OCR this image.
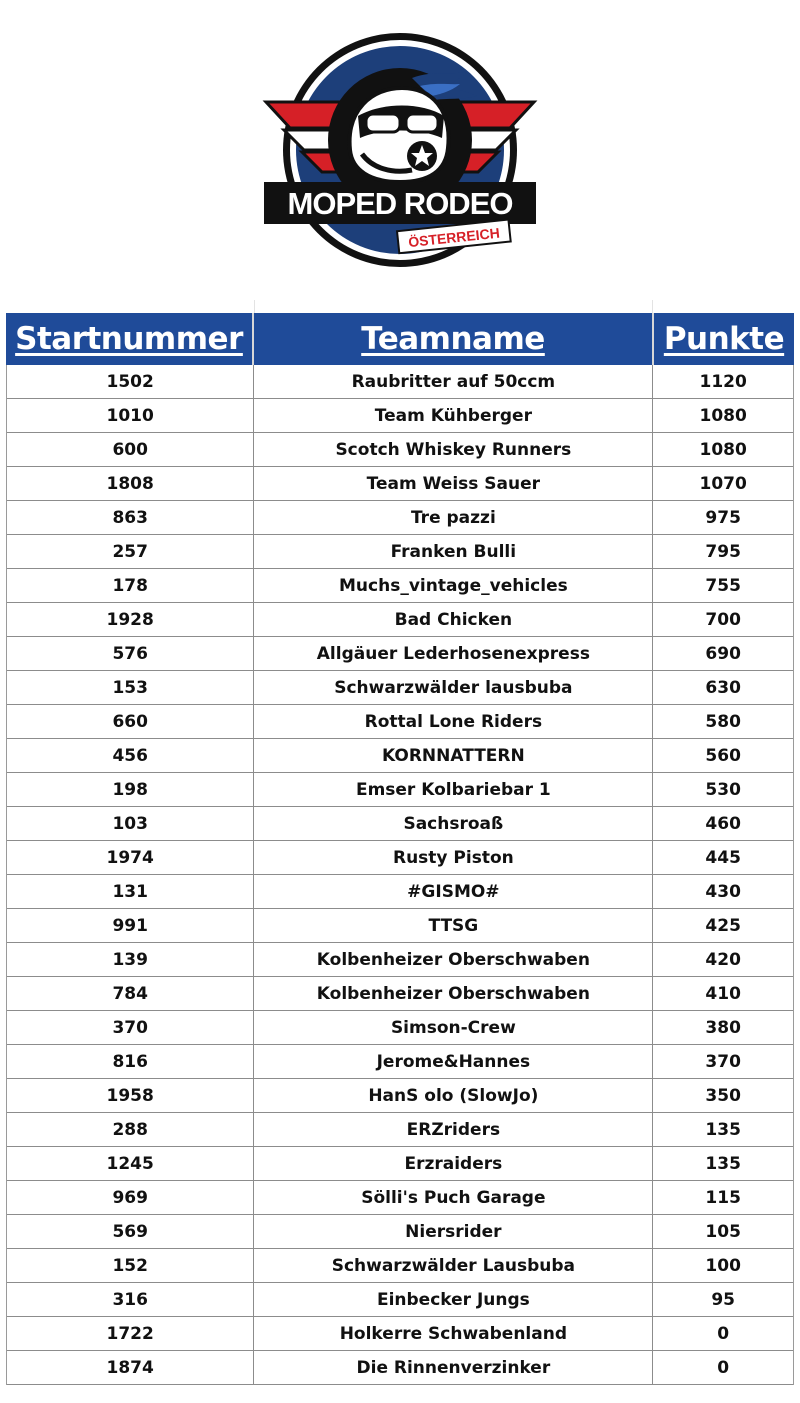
MOPED RODEO
ÖSTERREICH
Startnummer	Teamname	Punkte
1502	Raubritter auf 50ccm	1120
1010	Team Kühberger	1080
600	Scotch Whiskey Runners	1080
1808	Team Weiss Sauer	1070
863	Tre pazzi	975
257	Franken Bulli	795
178	Muchs_vintage_vehicles	755
1928	Bad Chicken	700
576	Allgäuer Lederhosenexpress	690
153	Schwarzwälder lausbuba	630
660	Rottal Lone Riders	580
456	KORNNATTERN	560
198	Emser Kolbariebar 1	530
103	Sachsroaß	460
1974	Rusty Piston	445
131	#GISMO#	430
991	TTSG	425
139	Kolbenheizer Oberschwaben	420
784	Kolbenheizer Oberschwaben	410
370	Simson-Crew	380
816	Jerome&Hannes	370
1958	HanS olo (SlowJo)	350
288	ERZriders	135
1245	Erzraiders	135
969	Sölli's Puch Garage	115
569	Niersrider	105
152	Schwarzwälder Lausbuba	100
316	Einbecker Jungs	95
1722	Holkerre Schwabenland	0
1874	Die Rinnenverzinker	0
